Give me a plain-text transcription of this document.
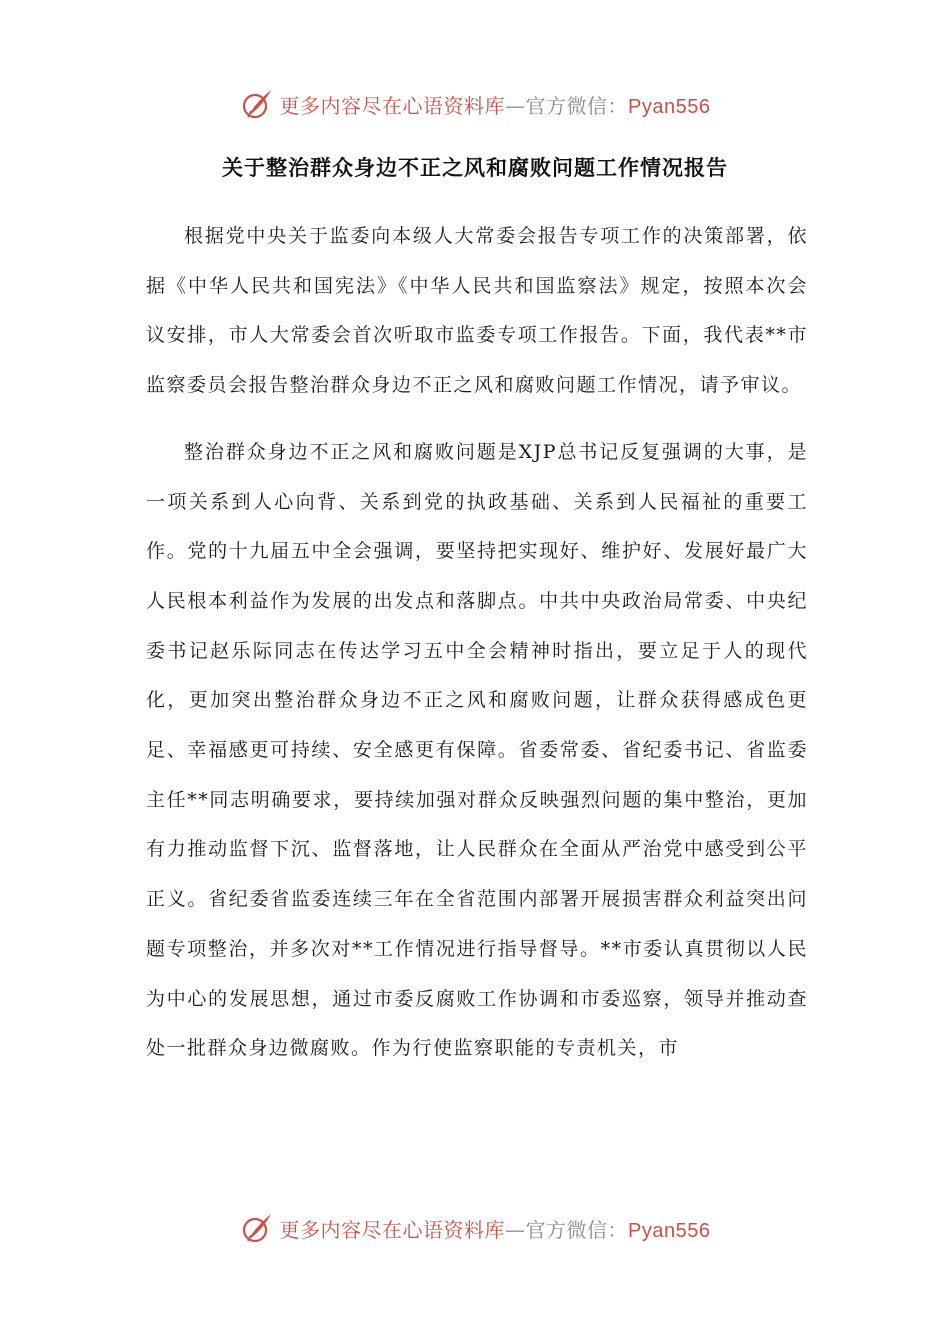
更多内容尽在心语资料库—官方微信：Pyan556
关于整治群众身边不正之风和腐败问题工作情况报告

根据党中央关于监委向本级人大常委会报告专项工作的决策部署，依据《中华人民共和国宪法》《中华人民共和国监察法》规定，按照本次会议安排，市人大常委会首次听取市监委专项工作报告。下面，我代表**市监察委员会报告整治群众身边不正之风和腐败问题工作情况，请予审议。

整治群众身边不正之风和腐败问题是XJP总书记反复强调的大事，是一项关系到人心向背、关系到党的执政基础、关系到人民福祉的重要工作。党的十九届五中全会强调，要坚持把实现好、维护好、发展好最广大人民根本利益作为发展的出发点和落脚点。中共中央政治局常委、中央纪委书记赵乐际同志在传达学习五中全会精神时指出，要立足于人的现代化，更加突出整治群众身边不正之风和腐败问题，让群众获得感成色更足、幸福感更可持续、安全感更有保障。省委常委、省纪委书记、省监委主任**同志明确要求，要持续加强对群众反映强烈问题的集中整治，更加有力推动监督下沉、监督落地，让人民群众在全面从严治党中感受到公平正义。省纪委省监委连续三年在全省范围内部署开展损害群众利益突出问题专项整治，并多次对**工作情况进行指导督导。**市委认真贯彻以人民为中心的发展思想，通过市委反腐败工作协调和市委巡察，领导并推动查处一批群众身边微腐败。作为行使监察职能的专责机关，市

更多内容尽在心语资料库—官方微信：Pyan556
